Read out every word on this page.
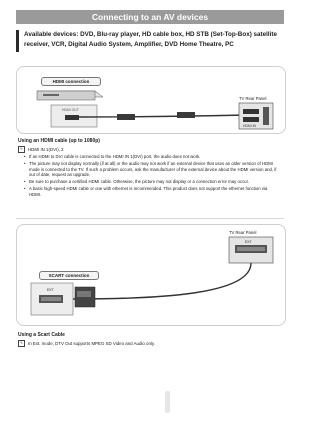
Connecting to an AV devices
Available devices: DVD, Blu-ray player, HD cable box, HD STB (Set-Top-Box) satellite receiver, VCR, Digital Audio System, Amplifier, DVD Home Theatre, PC
HDMI connection
HDMI OUT
TV Rear Panel
HDMI IN
Using an HDMI cable (up to 1080p)
✎	HDMI IN 1(DVI), 2
• If an HDMI to DVI cable is connected to the HDMI IN 1(DVI) port, the audio does not work.
• The picture may not display normally (if at all) or the audio may not work if an external device that uses an older version of HDMI mode is connected to the TV. If such a problem occurs, ask the manufacturer of the external device about the HDMI version and, if out of date, request an upgrade.
• Be sure to purchase a certified HDMI cable. Otherwise, the picture may not display or a connection error may occur.
• A basic high-speed HDMI cable or one with ethernet is recommended. This product does not support the ethernet function via HDMI.
TV Rear Panel
EXT
SCART connection
EXT
Using a Scart Cable
✎	In Ext. mode, DTV Out supports MPEG SD Video and Audio only.
